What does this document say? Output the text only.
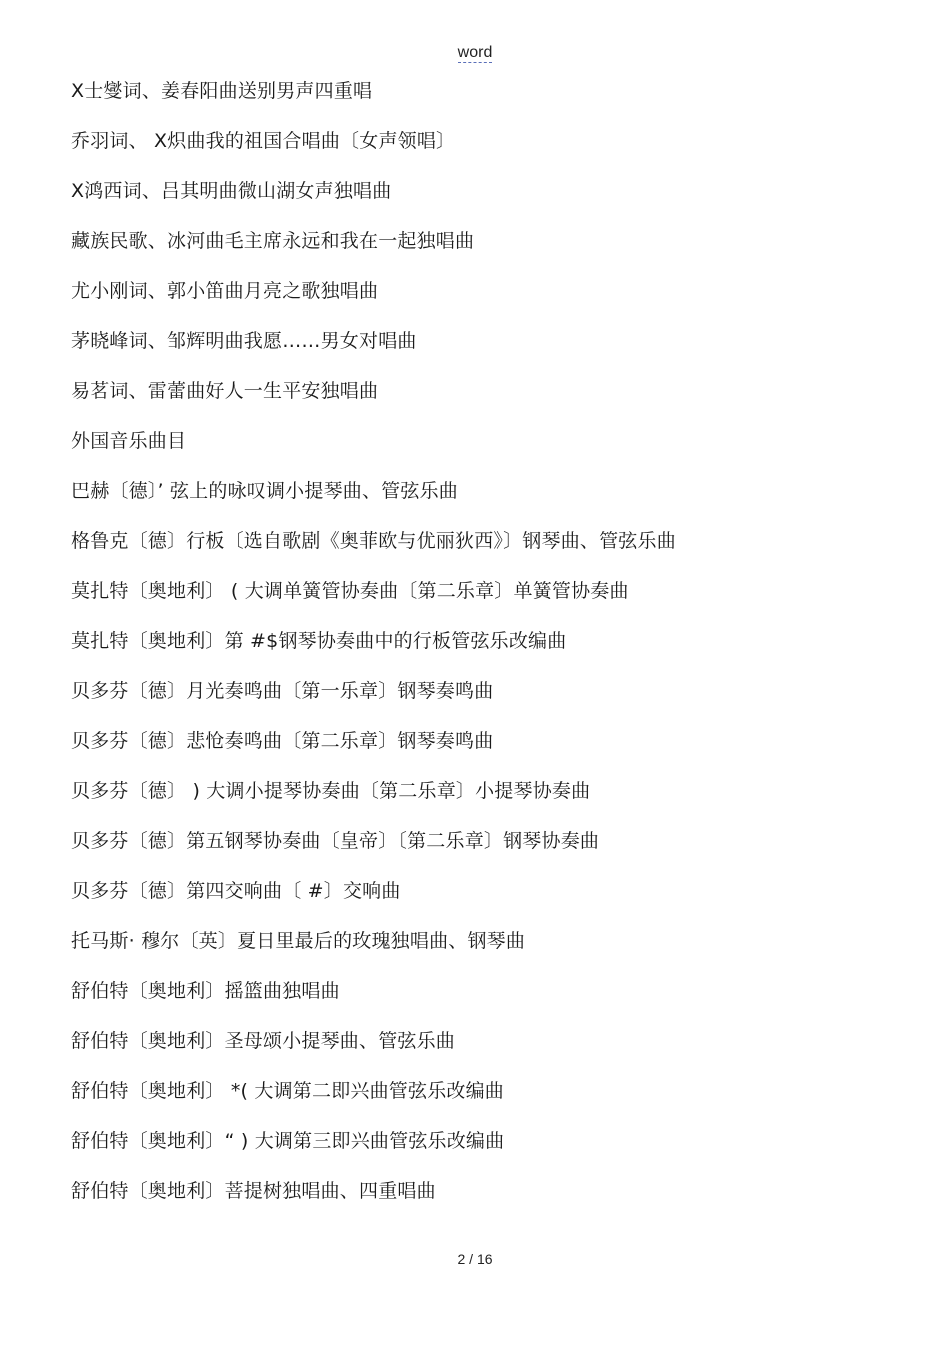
word
X士燮词、姜春阳曲送别男声四重唱
乔羽词、 X炽曲我的祖国合唱曲〔女声领唱〕
X鸿西词、吕其明曲微山湖女声独唱曲
藏族民歌、冰河曲毛主席永远和我在一起独唱曲
尤小刚词、郭小笛曲月亮之歌独唱曲
茅晓峰词、邹辉明曲我愿……男女对唱曲
易茗词、雷蕾曲好人一生平安独唱曲
外国音乐曲目
巴赫〔德〕’ 弦上的咏叹调小提琴曲、管弦乐曲
格鲁克〔德〕行板〔选自歌剧《奥菲欧与优丽狄西》〕钢琴曲、管弦乐曲
莫扎特〔奥地利〕 ( 大调单簧管协奏曲〔第二乐章〕单簧管协奏曲
莫扎特〔奥地利〕第 #$钢琴协奏曲中的行板管弦乐改编曲
贝多芬〔德〕月光奏鸣曲〔第一乐章〕钢琴奏鸣曲
贝多芬〔德〕悲怆奏鸣曲〔第二乐章〕钢琴奏鸣曲
贝多芬〔德〕 ) 大调小提琴协奏曲〔第二乐章〕小提琴协奏曲
贝多芬〔德〕第五钢琴协奏曲〔皇帝〕〔第二乐章〕钢琴协奏曲
贝多芬〔德〕第四交响曲〔 #〕交响曲
托马斯· 穆尔〔英〕夏日里最后的玫瑰独唱曲、钢琴曲
舒伯特〔奥地利〕摇篮曲独唱曲
舒伯特〔奥地利〕圣母颂小提琴曲、管弦乐曲
舒伯特〔奥地利〕 *( 大调第二即兴曲管弦乐改编曲
舒伯特〔奥地利〕“ ) 大调第三即兴曲管弦乐改编曲
舒伯特〔奥地利〕菩提树独唱曲、四重唱曲
2 / 16
